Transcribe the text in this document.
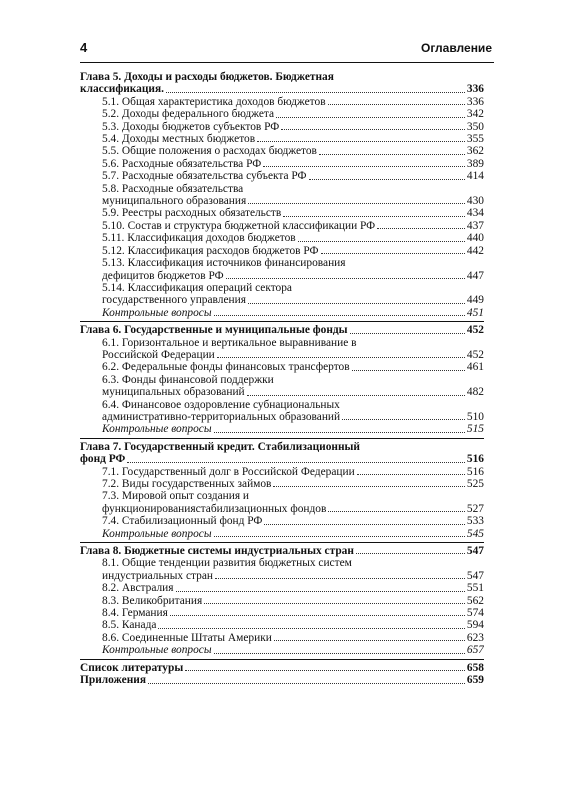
4	Оглавление
Глава 5. Доходы и расходы бюджетов. Бюджетная
классификация.	336
5.1. Общая характеристика доходов бюджетов	336
5.2. Доходы федерального бюджета	342
5.3. Доходы бюджетов субъектов РФ	350
5.4. Доходы местных бюджетов	355
5.5. Общие положения о расходах бюджетов	362
5.6. Расходные обязательства РФ	389
5.7. Расходные обязательства субъекта РФ	414
5.8. Расходные обязательства
муниципального образования	430
5.9. Реестры расходных обязательств	434
5.10. Состав и структура бюджетной классификации РФ	437
5.11. Классификация доходов бюджетов	440
5.12. Классификация расходов бюджетов РФ	442
5.13. Классификация источников финансирования
дефицитов бюджетов РФ	447
5.14. Классификация операций сектора
государственного управления	449
Контрольные вопросы	451
Глава 6. Государственные и муниципальные фонды	452
6.1. Горизонтальное и вертикальное выравнивание в
Российской Федерации	452
6.2. Федеральные фонды финансовых трансфертов	461
6.3. Фонды финансовой поддержки
муниципальных образований	482
6.4. Финансовое оздоровление субнациональных
административно-территориальных образований	510
Контрольные вопросы	515
Глава 7. Государственный кредит. Стабилизационный
фонд РФ	516
7.1. Государственный долг в Российской Федерации	516
7.2. Виды государственных займов	525
7.3. Мировой опыт создания и
функционированиястабилизационных фондов	527
7.4. Стабилизационный фонд РФ	533
Контрольные вопросы	545
Глава 8. Бюджетные системы индустриальных стран	547
8.1. Общие тенденции развития бюджетных систем
индустриальных стран	547
8.2. Австралия	551
8.3. Великобритания	562
8.4. Германия	574
8.5. Канада	594
8.6. Соединенные Штаты Америки	623
Контрольные вопросы	657
Список литературы	658
Приложения	659
